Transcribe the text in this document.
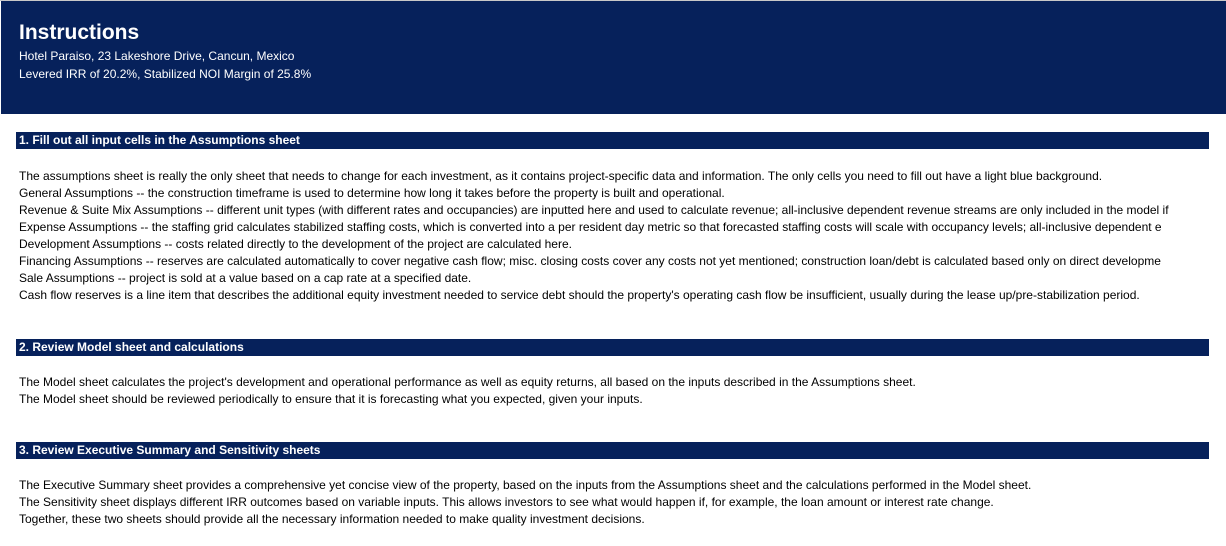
Instructions
Hotel Paraiso, 23 Lakeshore Drive, Cancun, Mexico
Levered IRR of 20.2%, Stabilized NOI Margin of 25.8%
1. Fill out all input cells in the Assumptions sheet
The assumptions sheet is really the only sheet that needs to change for each investment, as it contains project-specific data and information. The only cells you need to fill out have a light blue background.
General Assumptions -- the construction timeframe is used to determine how long it takes before the property is built and operational.
Revenue & Suite Mix Assumptions -- different unit types (with different rates and occupancies) are inputted here and used to calculate revenue; all-inclusive dependent revenue streams are only included in the model if
Expense Assumptions -- the staffing grid calculates stabilized staffing costs, which is converted into a per resident day metric so that forecasted staffing costs will scale with occupancy levels; all-inclusive dependent e
Development Assumptions -- costs related directly to the development of the project are calculated here.
Financing Assumptions -- reserves are calculated automatically to cover negative cash flow; misc. closing costs cover any costs not yet mentioned; construction loan/debt is calculated based only on direct developme
Sale Assumptions -- project is sold at a value based on a cap rate at a specified date.
Cash flow reserves is a line item that describes the additional equity investment needed to service debt should the property's operating cash flow be insufficient, usually during the lease up/pre-stabilization period.
2. Review Model sheet and calculations
The Model sheet calculates the project's development and operational performance as well as equity returns, all based on the inputs described in the Assumptions sheet.
The Model sheet should be reviewed periodically to ensure that it is forecasting what you expected, given your inputs.
3. Review Executive Summary and Sensitivity sheets
The Executive Summary sheet provides a comprehensive yet concise view of the property, based on the inputs from the Assumptions sheet and the calculations performed in the Model sheet.
The Sensitivity sheet displays different IRR outcomes based on variable inputs. This allows investors to see what would happen if, for example, the loan amount or interest rate change.
Together, these two sheets should provide all the necessary information needed to make quality investment decisions.
